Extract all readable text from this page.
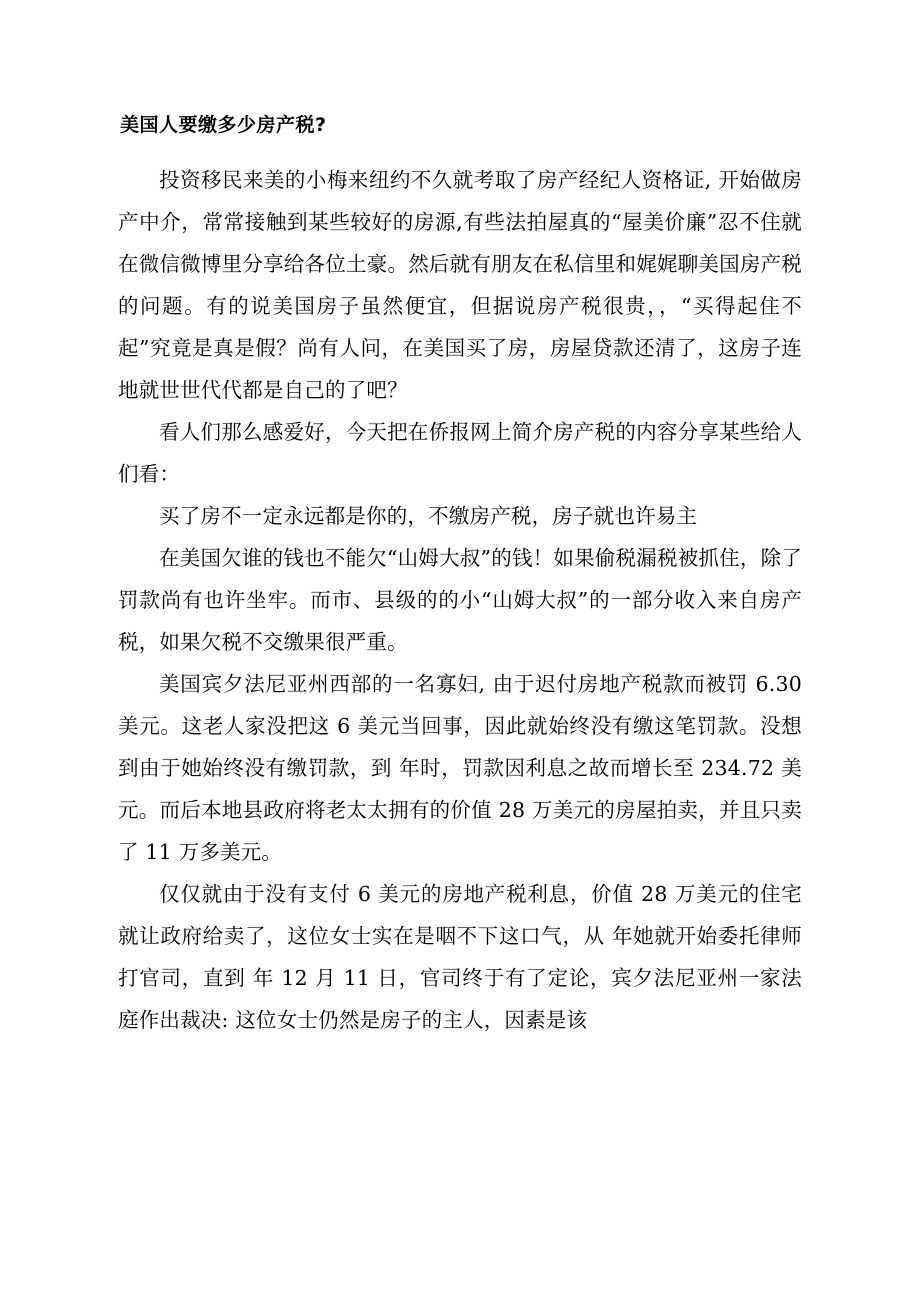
美国人要缴多少房产税?

投资移民来美的小梅来纽约不久就考取了房产经纪人资格证, 开始做房产中介，常常接触到某些较好的房源,有些法拍屋真的“屋美价廉”忍不住就在微信微博里分享给各位土豪。然后就有朋友在私信里和娓娓聊美国房产税的问题。有的说美国房子虽然便宜，但据说房产税很贵，，“买得起住不起”究竟是真是假？尚有人问，在美国买了房，房屋贷款还清了，这房子连地就世世代代都是自己的了吧？

看人们那么感爱好，今天把在侨报网上简介房产税的内容分享某些给人们看：

买了房不一定永远都是你的，不缴房产税，房子就也许易主

在美国欠谁的钱也不能欠“山姆大叔”的钱！如果偷税漏税被抓住，除了罚款尚有也许坐牢。而市、县级的的小“山姆大叔”的一部分收入来自房产税，如果欠税不交缴果很严重。

美国宾夕法尼亚州西部的一名寡妇, 由于迟付房地产税款而被罚 6.30 美元。这老人家没把这 6 美元当回事，因此就始终没有缴这笔罚款。没想到由于她始终没有缴罚款，到 年时，罚款因利息之故而增长至 234.72 美元。而后本地县政府将老太太拥有的价值 28 万美元的房屋拍卖，并且只卖了 11 万多美元。

仅仅就由于没有支付 6 美元的房地产税利息，价值 28 万美元的住宅就让政府给卖了，这位女士实在是咽不下这口气，从 年她就开始委托律师打官司，直到 年 12 月 11 日，官司终于有了定论，宾夕法尼亚州一家法庭作出裁决: 这位女士仍然是房子的主人，因素是该
